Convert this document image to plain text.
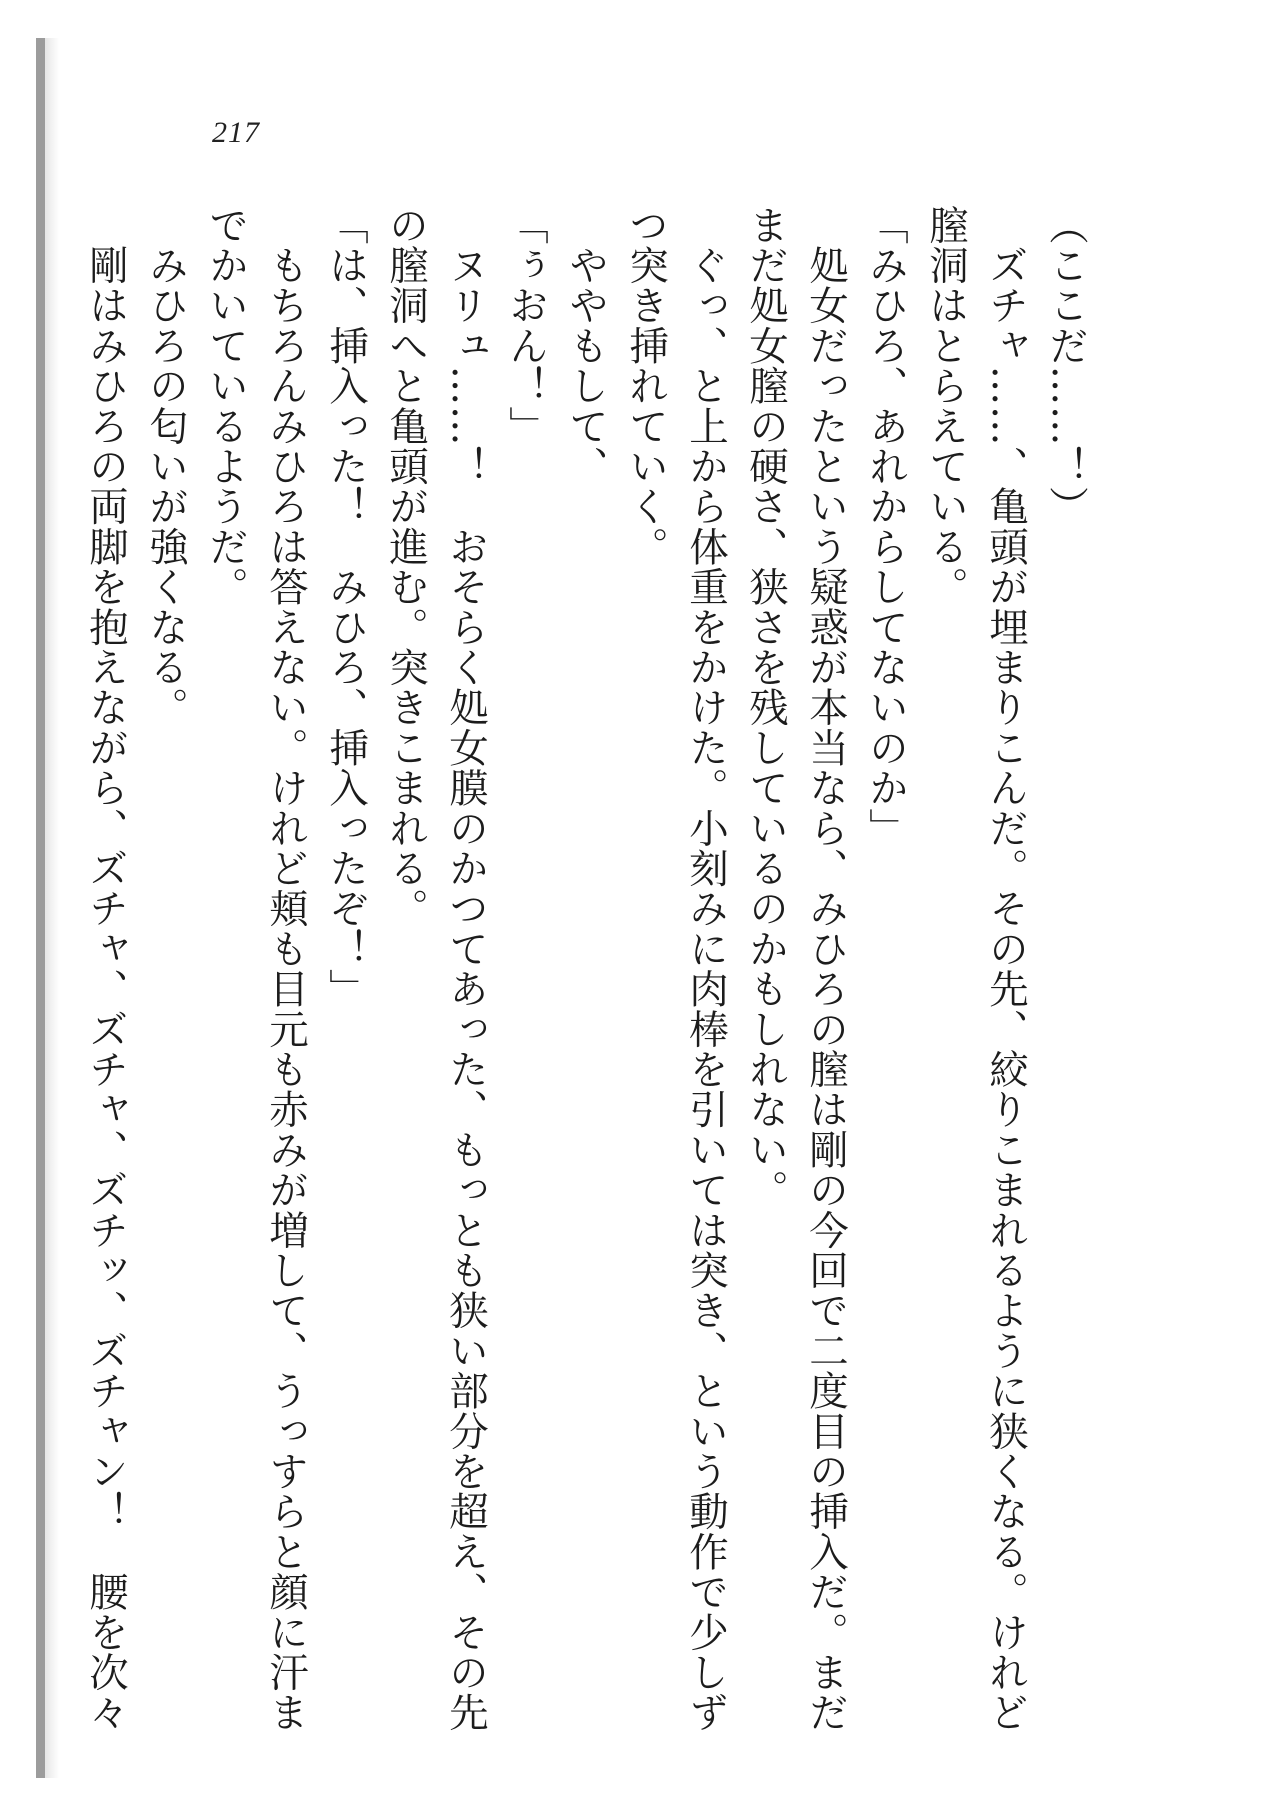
217

（ここだ……！）

　ズチャ……、亀頭が埋まりこんだ。その先、絞りこまれるように狭くなる。けれど

膣洞はとらえている。

「みひろ、あれからしてないのか」

　処女だったという疑惑が本当なら、みひろの膣は剛の今回で二度目の挿入だ。まだ

まだ処女膣の硬さ、狭さを残しているのかもしれない。

　ぐっ、と上から体重をかけた。小刻みに肉棒を引いては突き、という動作で少しず

つ突き挿れていく。

　ややもして、

「ぅおん！」

　ヌリュ……！　おそらく処女膜のかつてあった、もっとも狭い部分を超え、その先

の膣洞へと亀頭が進む。突きこまれる。

「は、挿入った！　みひろ、挿入ったぞ！」

　もちろんみひろは答えない。けれど頬も目元も赤みが増して、うっすらと顔に汗ま

でかいているようだ。

　みひろの匂いが強くなる。

　剛はみひろの両脚を抱えながら、ズチャ、ズチャ、ズチッ、ズチャン！　腰を次々
